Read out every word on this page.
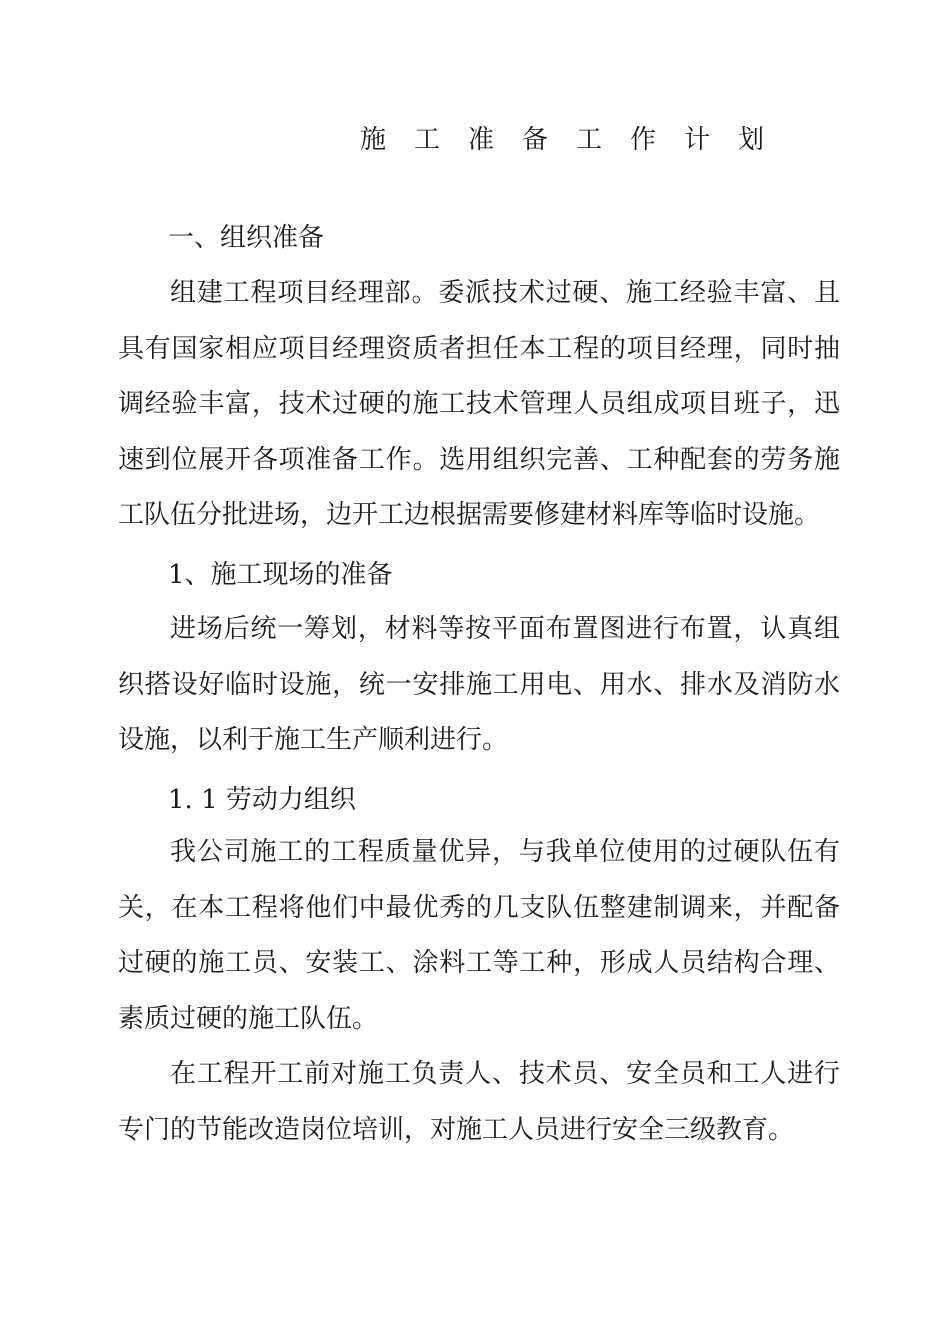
施工准备工作计划
一、组织准备
组建工程项目经理部。委派技术过硬、施工经验丰富、且具有国家相应项目经理资质者担任本工程的项目经理，同时抽调经验丰富，技术过硬的施工技术管理人员组成项目班子，迅速到位展开各项准备工作。选用组织完善、工种配套的劳务施工队伍分批进场，边开工边根据需要修建材料库等临时设施。
1、施工现场的准备
进场后统一筹划，材料等按平面布置图进行布置，认真组织搭设好临时设施，统一安排施工用电、用水、排水及消防水设施，以利于施工生产顺利进行。
1. 1 劳动力组织
我公司施工的工程质量优异，与我单位使用的过硬队伍有关，在本工程将他们中最优秀的几支队伍整建制调来，并配备过硬的施工员、安装工、涂料工等工种，形成人员结构合理、素质过硬的施工队伍。
在工程开工前对施工负责人、技术员、安全员和工人进行专门的节能改造岗位培训，对施工人员进行安全三级教育。
